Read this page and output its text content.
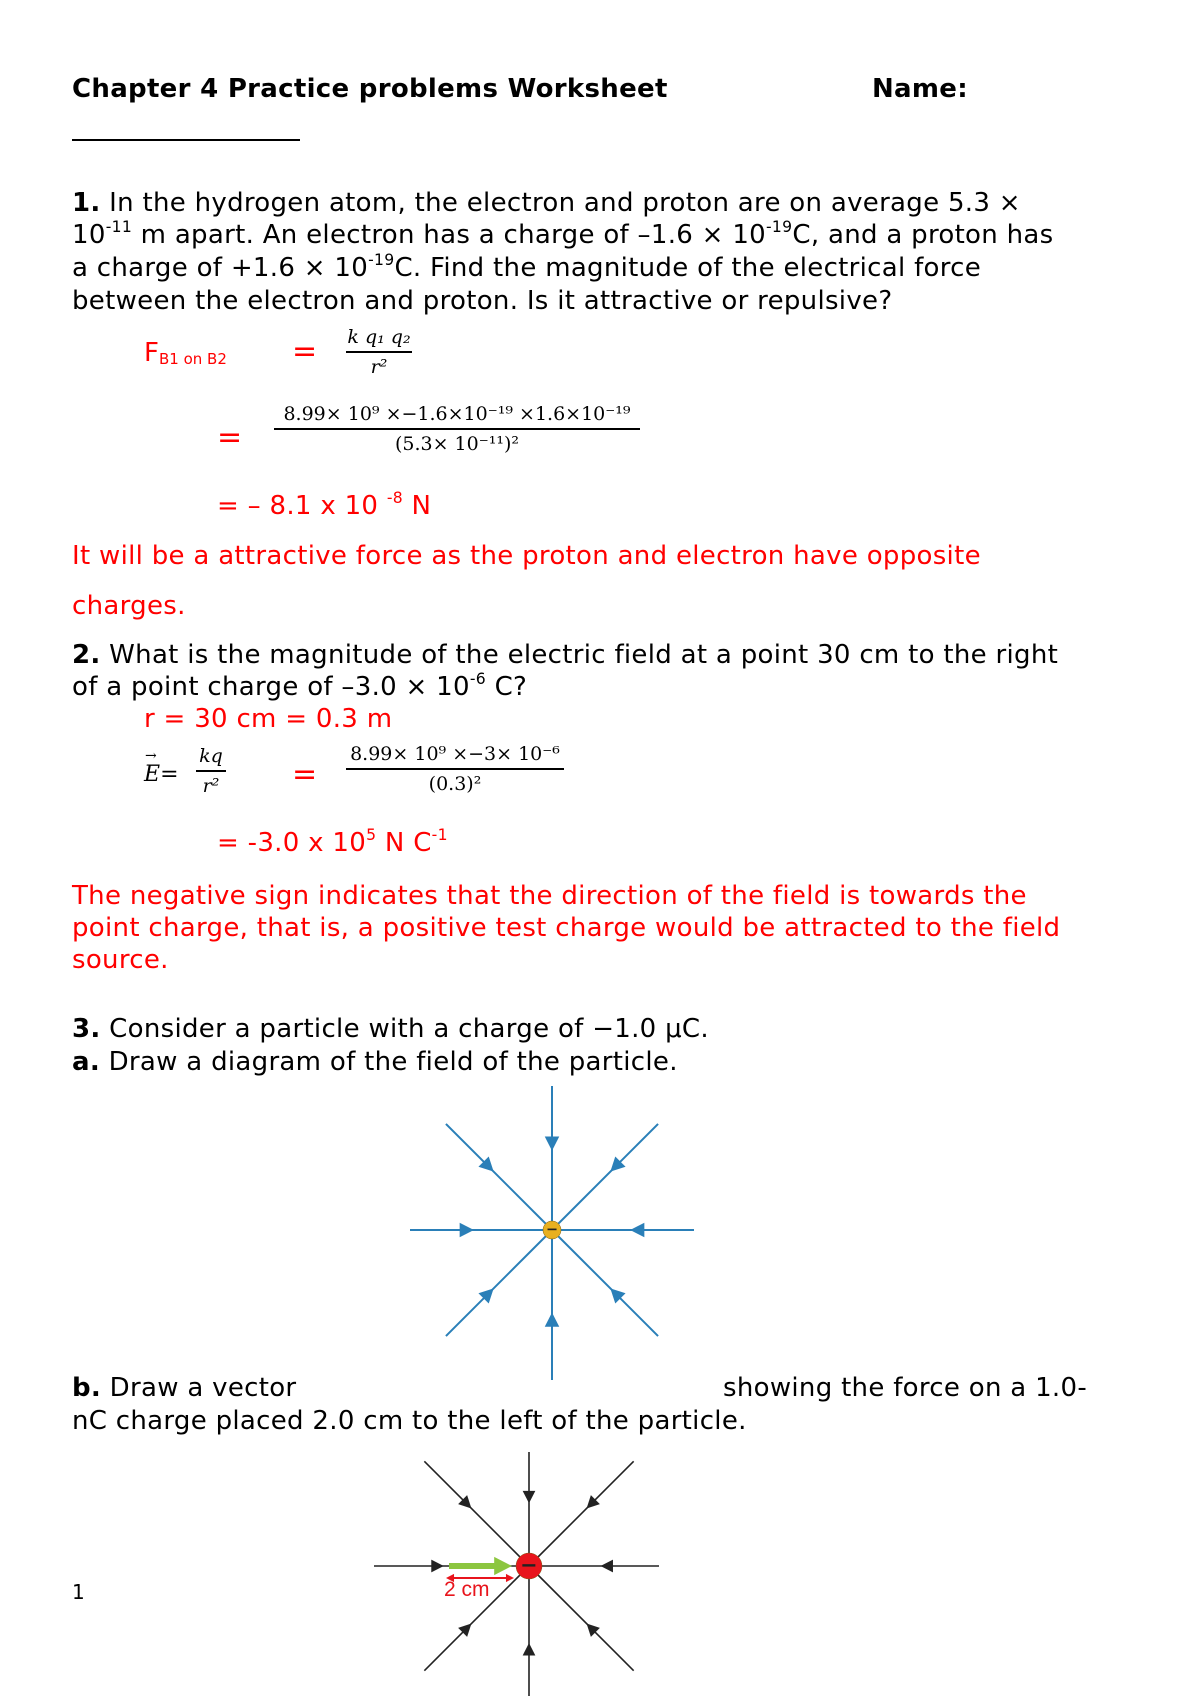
Chapter 4 Practice problems Worksheet	Name:
1. In the hydrogen atom, the electron and proton are on average 5.3 ×
$10^{-11}$ m apart. An electron has a charge of $-1.6 \times 10^{-19}C$, and a proton has
a charge of $+1.6 \times 10^{-19}C$. Find the magnitude of the electrical force
between the electron and proton. Is it attractive or repulsive?
FB1 on B2 = k q₁ q₂
r²
=
8.99× 10⁹ ×−1.6×10⁻¹⁹ ×1.6×10⁻¹⁹
(5.3× 10⁻¹¹)²
= – 8.1 x 10 $^{-8}$ N
It will be a attractive force as the proton and electron have opposite
charges.
2. What is the magnitude of the electric field at a point 30 cm to the right
of a point charge of $-3.0 \times 10^{-6}$ C?
r = 30 cm = 0.3 m
→
E=
kq
r² =
8.99× 10⁹ ×−3× 10⁻⁶
(0.3)²
= -3.0 x $10^5$ N $C^{-1}$
The negative sign indicates that the direction of the field is towards the
point charge, that is, a positive test charge would be attracted to the field
source.
3. Consider a particle with a charge of −1.0 μC.
a. Draw a diagram of the field of the particle.
−
b. Draw a vector	showing the force on a 1.0-
nC charge placed 2.0 cm to the left of the particle.
−
2 cm
1
